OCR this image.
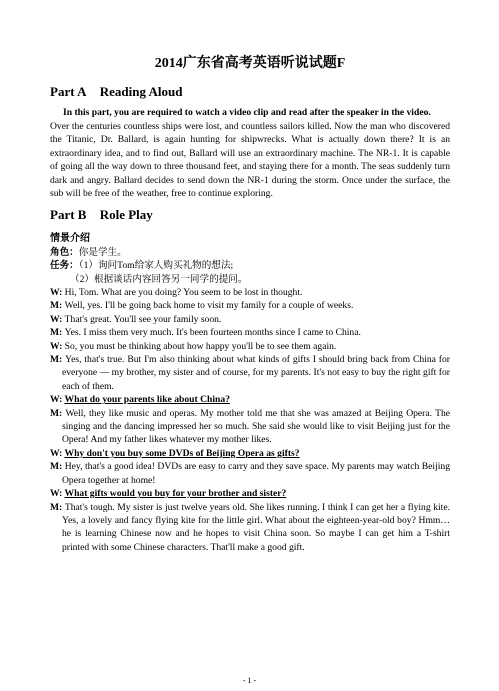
2014广东省高考英语听说试题F

Part A Reading Aloud

In this part, you are required to watch a video clip and read after the speaker in the video.

Over the centuries countless ships were lost, and countless sailors killed. Now the man who discovered the Titanic, Dr. Ballard, is again hunting for shipwrecks. What is actually down there? It is an extraordinary idea, and to find out, Ballard will use an extraordinary machine. The NR-1. It is capable of going all the way down to three thousand feet, and staying there for a month. The seas suddenly turn dark and angry. Ballard decides to send down the NR-1 during the storm. Once under the surface, the sub will be free of the weather, free to continue exploring.

Part B Role Play

情景介绍

角色：你是学生。

任务：（1）询问Tom给家人购买礼物的想法;

（2）根据谈话内容回答另一同学的提问。

W: Hi, Tom. What are you doing? You seem to be lost in thought.

M: Well, yes. I'll be going back home to visit my family for a couple of weeks.

W: That's great. You'll see your family soon.

M: Yes. I miss them very much. It's been fourteen months since I came to China.

W: So, you must be thinking about how happy you'll be to see them again.

M: Yes, that's true. But I'm also thinking about what kinds of gifts I should bring back from China for everyone — my brother, my sister and of course, for my parents. It's not easy to buy the right gift for each of them.

W: What do your parents like about China?

M: Well, they like music and operas. My mother told me that she was amazed at Beijing Opera. The singing and the dancing impressed her so much. She said she would like to visit Beijing just for the Opera! And my father likes whatever my mother likes.

W: Why don't you buy some DVDs of Beijing Opera as gifts?

M: Hey, that's a good idea! DVDs are easy to carry and they save space. My parents may watch Beijing Opera together at home!

W: What gifts would you buy for your brother and sister?

M: That's tough. My sister is just twelve years old. She likes running. I think I can get her a flying kite. Yes, a lovely and fancy flying kite for the little girl. What about the eighteen-year-old boy? Hmm…he is learning Chinese now and he hopes to visit China soon. So maybe I can get him a T-shirt printed with some Chinese characters. That'll make a good gift.

- 1 -
